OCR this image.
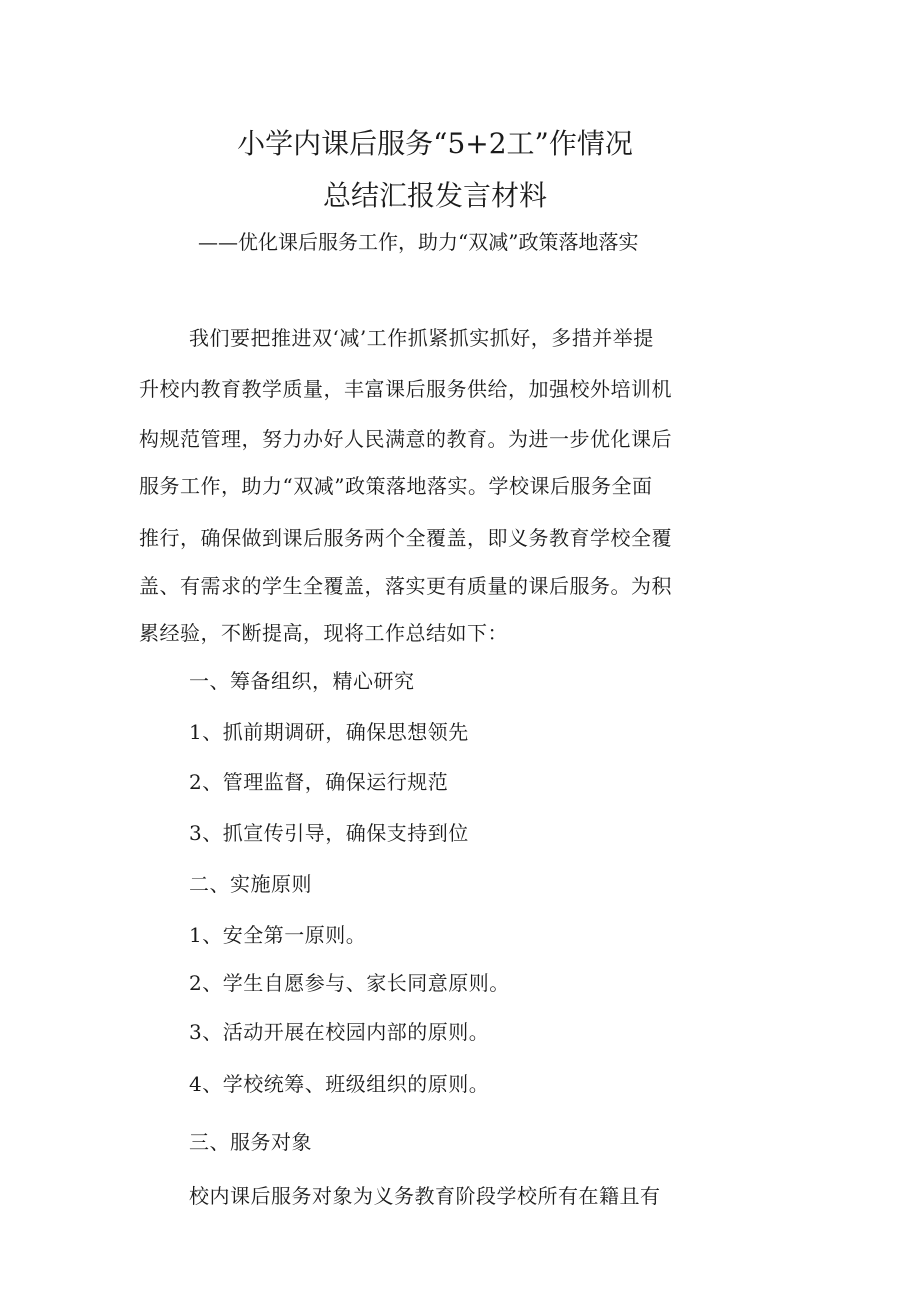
小学内课后服务“5+2工”作情况
总结汇报发言材料
——优化课后服务工作，助力“双减”政策落地落实
我们要把推进双‘减’工作抓紧抓实抓好，多措并举提
升校内教育教学质量，丰富课后服务供给，加强校外培训机
构规范管理，努力办好人民满意的教育。为进一步优化课后
服务工作，助力“双减”政策落地落实。学校课后服务全面
推行，确保做到课后服务两个全覆盖，即义务教育学校全覆
盖、有需求的学生全覆盖，落实更有质量的课后服务。为积
累经验，不断提高，现将工作总结如下：
一、筹备组织，精心研究
1、抓前期调研，确保思想领先
2、管理监督，确保运行规范
3、抓宣传引导，确保支持到位
二、实施原则
1、安全第一原则。
2、学生自愿参与、家长同意原则。
3、活动开展在校园内部的原则。
4、学校统筹、班级组织的原则。
三、服务对象
校内课后服务对象为义务教育阶段学校所有在籍且有
